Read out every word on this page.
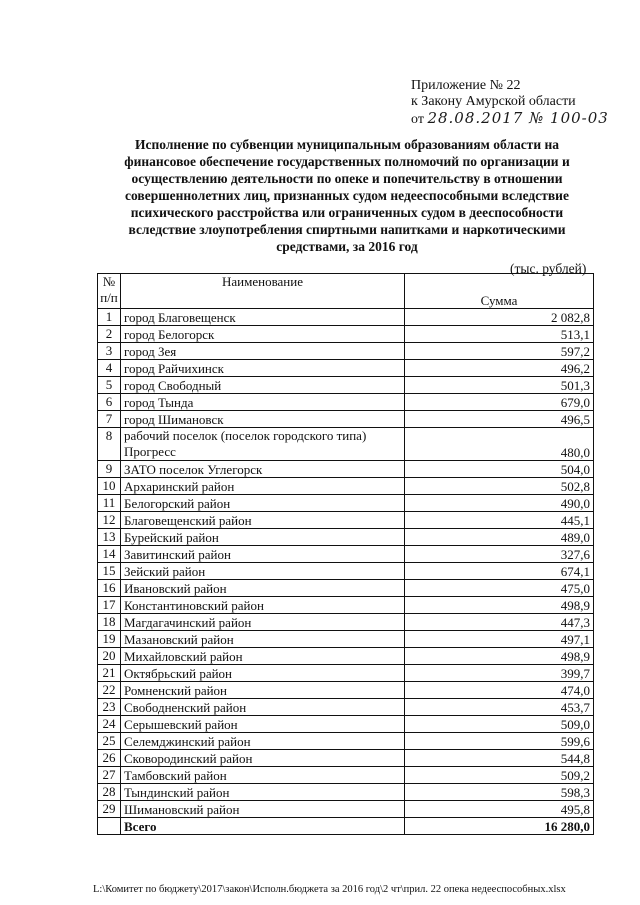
Приложение № 22
к Закону Амурской области
от 28.08.2017 № 100-03
Исполнение по субвенции муниципальным образованиям области на финансовое обеспечение государственных полномочий по организации и осуществлению деятельности по опеке и попечительству в отношении совершеннолетних лиц, признанных судом недееспособными вследствие психического расстройства или ограниченных судом в дееспособности вследствие злоупотребления спиртными напитками и наркотическими средствами, за 2016 год
(тыс. рублей)
№ п/п	Наименование	Сумма
1	город Благовещенск	2 082,8
2	город Белогорск	513,1
3	город Зея	597,2
4	город Райчихинск	496,2
5	город Свободный	501,3
6	город Тында	679,0
7	город Шимановск	496,5
8	рабочий поселок (поселок городского типа) Прогресс	480,0
9	ЗАТО поселок Углегорск	504,0
10	Архаринский район	502,8
11	Белогорский район	490,0
12	Благовещенский район	445,1
13	Бурейский район	489,0
14	Завитинский район	327,6
15	Зейский район	674,1
16	Ивановский район	475,0
17	Константиновский район	498,9
18	Магдагачинский район	447,3
19	Мазановский район	497,1
20	Михайловский район	498,9
21	Октябрьский район	399,7
22	Ромненский район	474,0
23	Свободненский район	453,7
24	Серышевский район	509,0
25	Селемджинский район	599,6
26	Сковородинский район	544,8
27	Тамбовский район	509,2
28	Тындинский район	598,3
29	Шимановский район	495,8
	Всего	16 280,0
L:\Комитет по бюджету\2017\закон\Исполн.бюджета за 2016 год\2 чт\прил. 22 опека недееспособных.xlsx
